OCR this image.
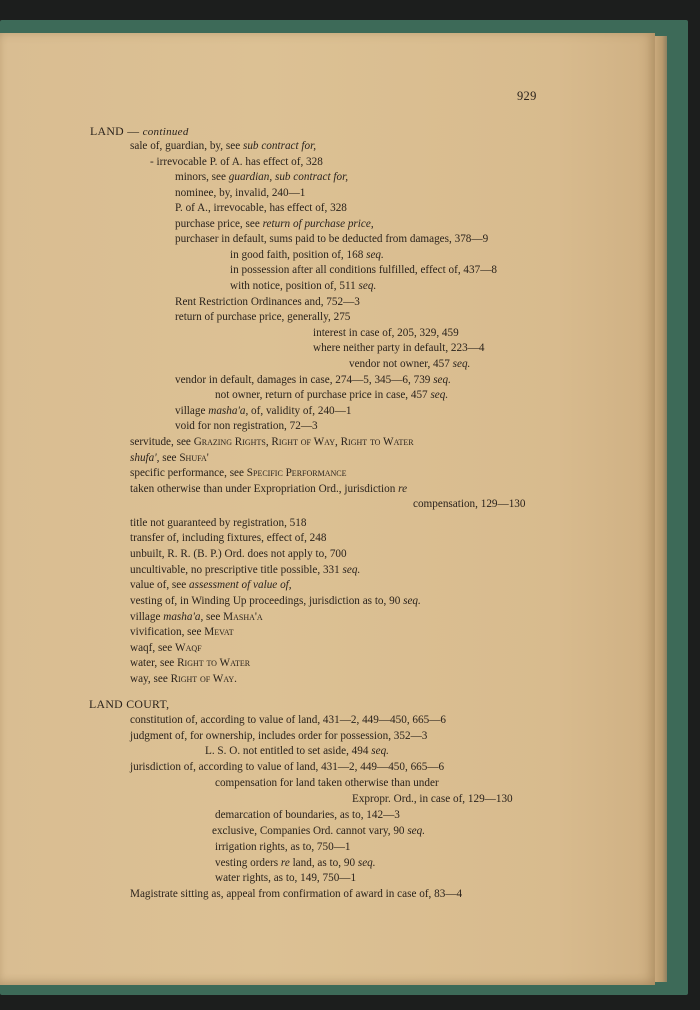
929
LAND — continued
sale of, guardian, by, see sub contract for,
- irrevocable P. of A. has effect of, 328
minors, see guardian, sub contract for,
nominee, by, invalid, 240—1
P. of A., irrevocable, has effect of, 328
purchase price, see return of purchase price,
purchaser in default, sums paid to be deducted from damages, 378—9
in good faith, position of, 168 seq.
in possession after all conditions fulfilled, effect of, 437—8
with notice, position of, 511 seq.
Rent Restriction Ordinances and, 752—3
return of purchase price, generally, 275
interest in case of, 205, 329, 459
where neither party in default, 223—4
vendor not owner, 457 seq.
vendor in default, damages in case, 274—5, 345—6, 739 seq.
not owner, return of purchase price in case, 457 seq.
village masha'a, of, validity of, 240—1
void for non registration, 72—3
servitude, see Grazing Rights, Right of Way, Right to Water
shufa', see Shufa'
specific performance, see Specific Performance
taken otherwise than under Expropriation Ord., jurisdiction re
compensation, 129—130
title not guaranteed by registration, 518
transfer of, including fixtures, effect of, 248
unbuilt, R. R. (B. P.) Ord. does not apply to, 700
uncultivable, no prescriptive title possible, 331 seq.
value of, see assessment of value of,
vesting of, in Winding Up proceedings, jurisdiction as to, 90 seq.
village masha'a, see Masha'a
vivification, see Mevat
waqf, see Waqf
water, see Right to Water
way, see Right of Way.
LAND COURT,
constitution of, according to value of land, 431—2, 449—450, 665—6
judgment of, for ownership, includes order for possession, 352—3
L. S. O. not entitled to set aside, 494 seq.
jurisdiction of, according to value of land, 431—2, 449—450, 665—6
compensation for land taken otherwise than under
Expropr. Ord., in case of, 129—130
demarcation of boundaries, as to, 142—3
exclusive, Companies Ord. cannot vary, 90 seq.
irrigation rights, as to, 750—1
vesting orders re land, as to, 90 seq.
water rights, as to, 149, 750—1
Magistrate sitting as, appeal from confirmation of award in case of, 83—4
